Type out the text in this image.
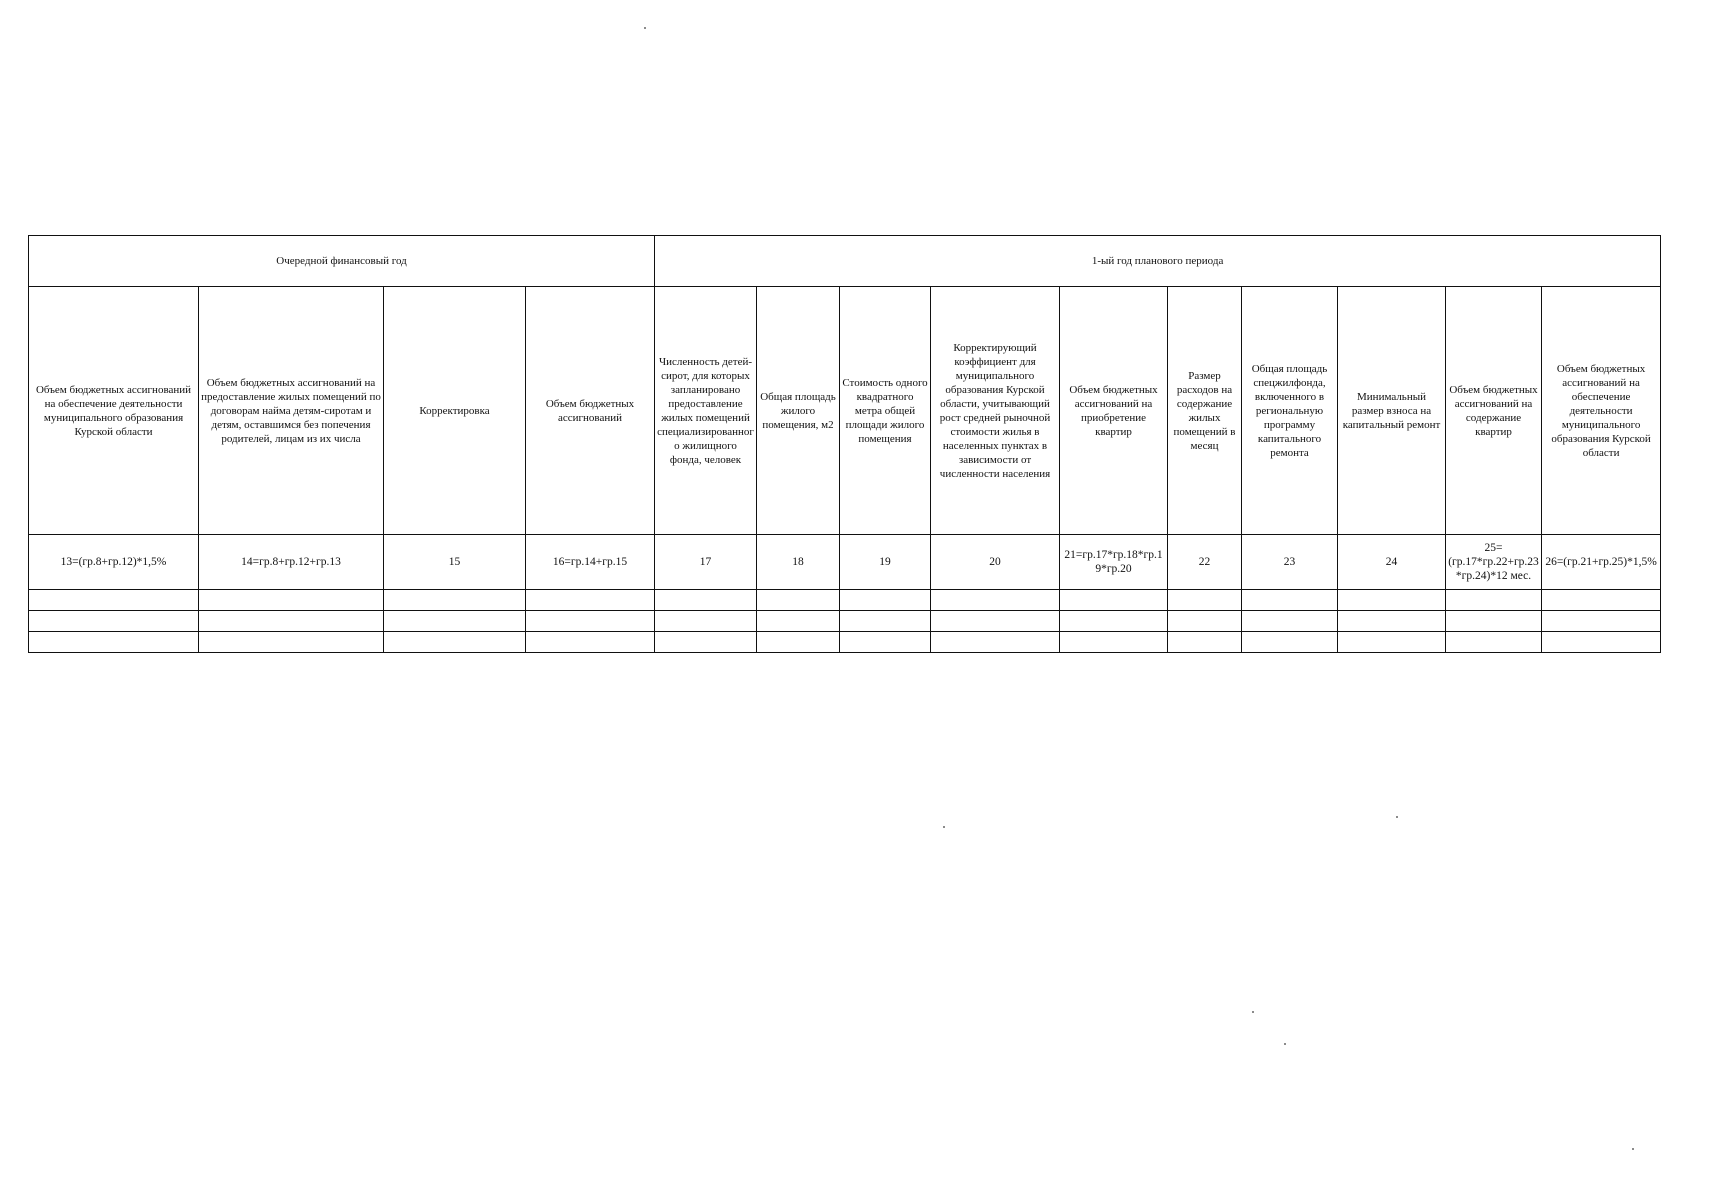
Очередной финансовый год				1-ый год планового периода									
Объем бюджетных ассигнований на обеспечение деятельности муниципального образования Курской области	Объем бюджетных ассигнований на предоставление жилых помещений по договорам найма детям-сиротам и детям, оставшимся без попечения родителей, лицам из их числа	Корректировка	Объем бюджетных ассигнований	Численность детей-сирот, для которых запланировано предоставление жилых помещений специализированного жилищного фонда, человек	Общая площадь жилого помещения, м2	Стоимость одного квадратного метра общей площади жилого помещения	Корректирующий коэффициент для муниципального образования Курской области, учитывающий рост средней рыночной стоимости жилья в населенных пунктах в зависимости от численности населения	Объем бюджетных ассигнований на приобретение квартир	Размер расходов на содержание жилых помещений в месяц	Общая площадь спецжилфонда, включенного в региональную программу капитального ремонта	Минимальный размер взноса на капитальный ремонт	Объем бюджетных ассигнований на содержание квартир	Объем бюджетных ассигнований на обеспечение деятельности муниципального образования Курской области
13=(гр.8+гр.12)*1,5%	14=гр.8+гр.12+гр.13	15	16=гр.14+гр.15	17	18	19	20	21=гр.17*гр.18*гр.19*гр.20	22	23	24	25=(гр.17*гр.22+гр.23*гр.24)*12 мес.	26=(гр.21+гр.25)*1,5%
